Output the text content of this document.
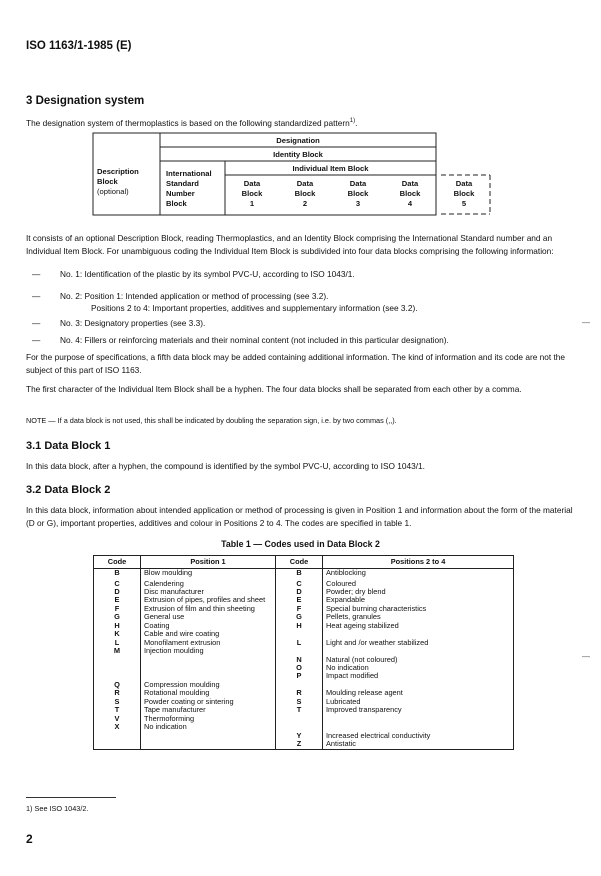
ISO 1163/1-1985 (E)
3 Designation system
The designation system of thermoplastics is based on the following standardized pattern$^{1)}$.
Designation
Identity Block
Individual Item Block
Description
Block
(optional)
International
Standard
Number
Block
Data
Block
1
Data
Block
2
Data
Block
3
Data
Block
4
Data
Block
5
It consists of an optional Description Block, reading Thermoplastics, and an Identity Block comprising the International Standard number and an Individual Item Block. For unambiguous coding the Individual Item Block is subdivided into four data blocks comprising the following information:
— No. 1: Identification of the plastic by its symbol PVC-U, according to ISO 1043/1.
— No. 2: Position 1: Intended application or method of processing (see 3.2).
Positions 2 to 4: Important properties, additives and supplementary information (see 3.2).
— No. 3: Designatory properties (see 3.3).
— No. 4: Fillers or reinforcing materials and their nominal content (not included in this particular designation).
For the purpose of specifications, a fifth data block may be added containing additional information. The kind of information and its code are not the subject of this part of ISO 1163.
The first character of the Individual Item Block shall be a hyphen. The four data blocks shall be separated from each other by a comma.
NOTE — If a data block is not used, this shall be indicated by doubling the separation sign, i.e. by two commas (,,).
3.1 Data Block 1
In this data block, after a hyphen, the compound is identified by the symbol PVC-U, according to ISO 1043/1.
3.2 Data Block 2
In this data block, information about intended application or method of processing is given in Position 1 and information about the form of the material (D or G), important properties, additives and colour in Positions 2 to 4. The codes are specified in table 1.
Table 1 — Codes used in Data Block 2
Code	Position 1	Code	Positions 2 to 4
B	Blow moulding	B	Antiblocking
C	Calendering	C	Coloured
D	Disc manufacturer	D	Powder; dry blend
E	Extrusion of pipes, profiles and sheet	E	Expandable
F	Extrusion of film and thin sheeting	F	Special burning characteristics
G	General use	G	Pellets, granules
H	Coating	H	Heat ageing stabilized
K	Cable and wire coating		
L	Monofilament extrusion	L	Light and /or weather stabilized
M	Injection moulding		
		N	Natural (not coloured)
		O	No indication
		P	Impact modified
Q	Compression moulding		
R	Rotational moulding	R	Moulding release agent
S	Powder coating or sintering	S	Lubricated
T	Tape manufacturer	T	Improved transparency
V	Thermoforming		
X	No indication		

		Y	Increased electrical conductivity
		Z	Antistatic
—
—
1) See ISO 1043/2.
2
